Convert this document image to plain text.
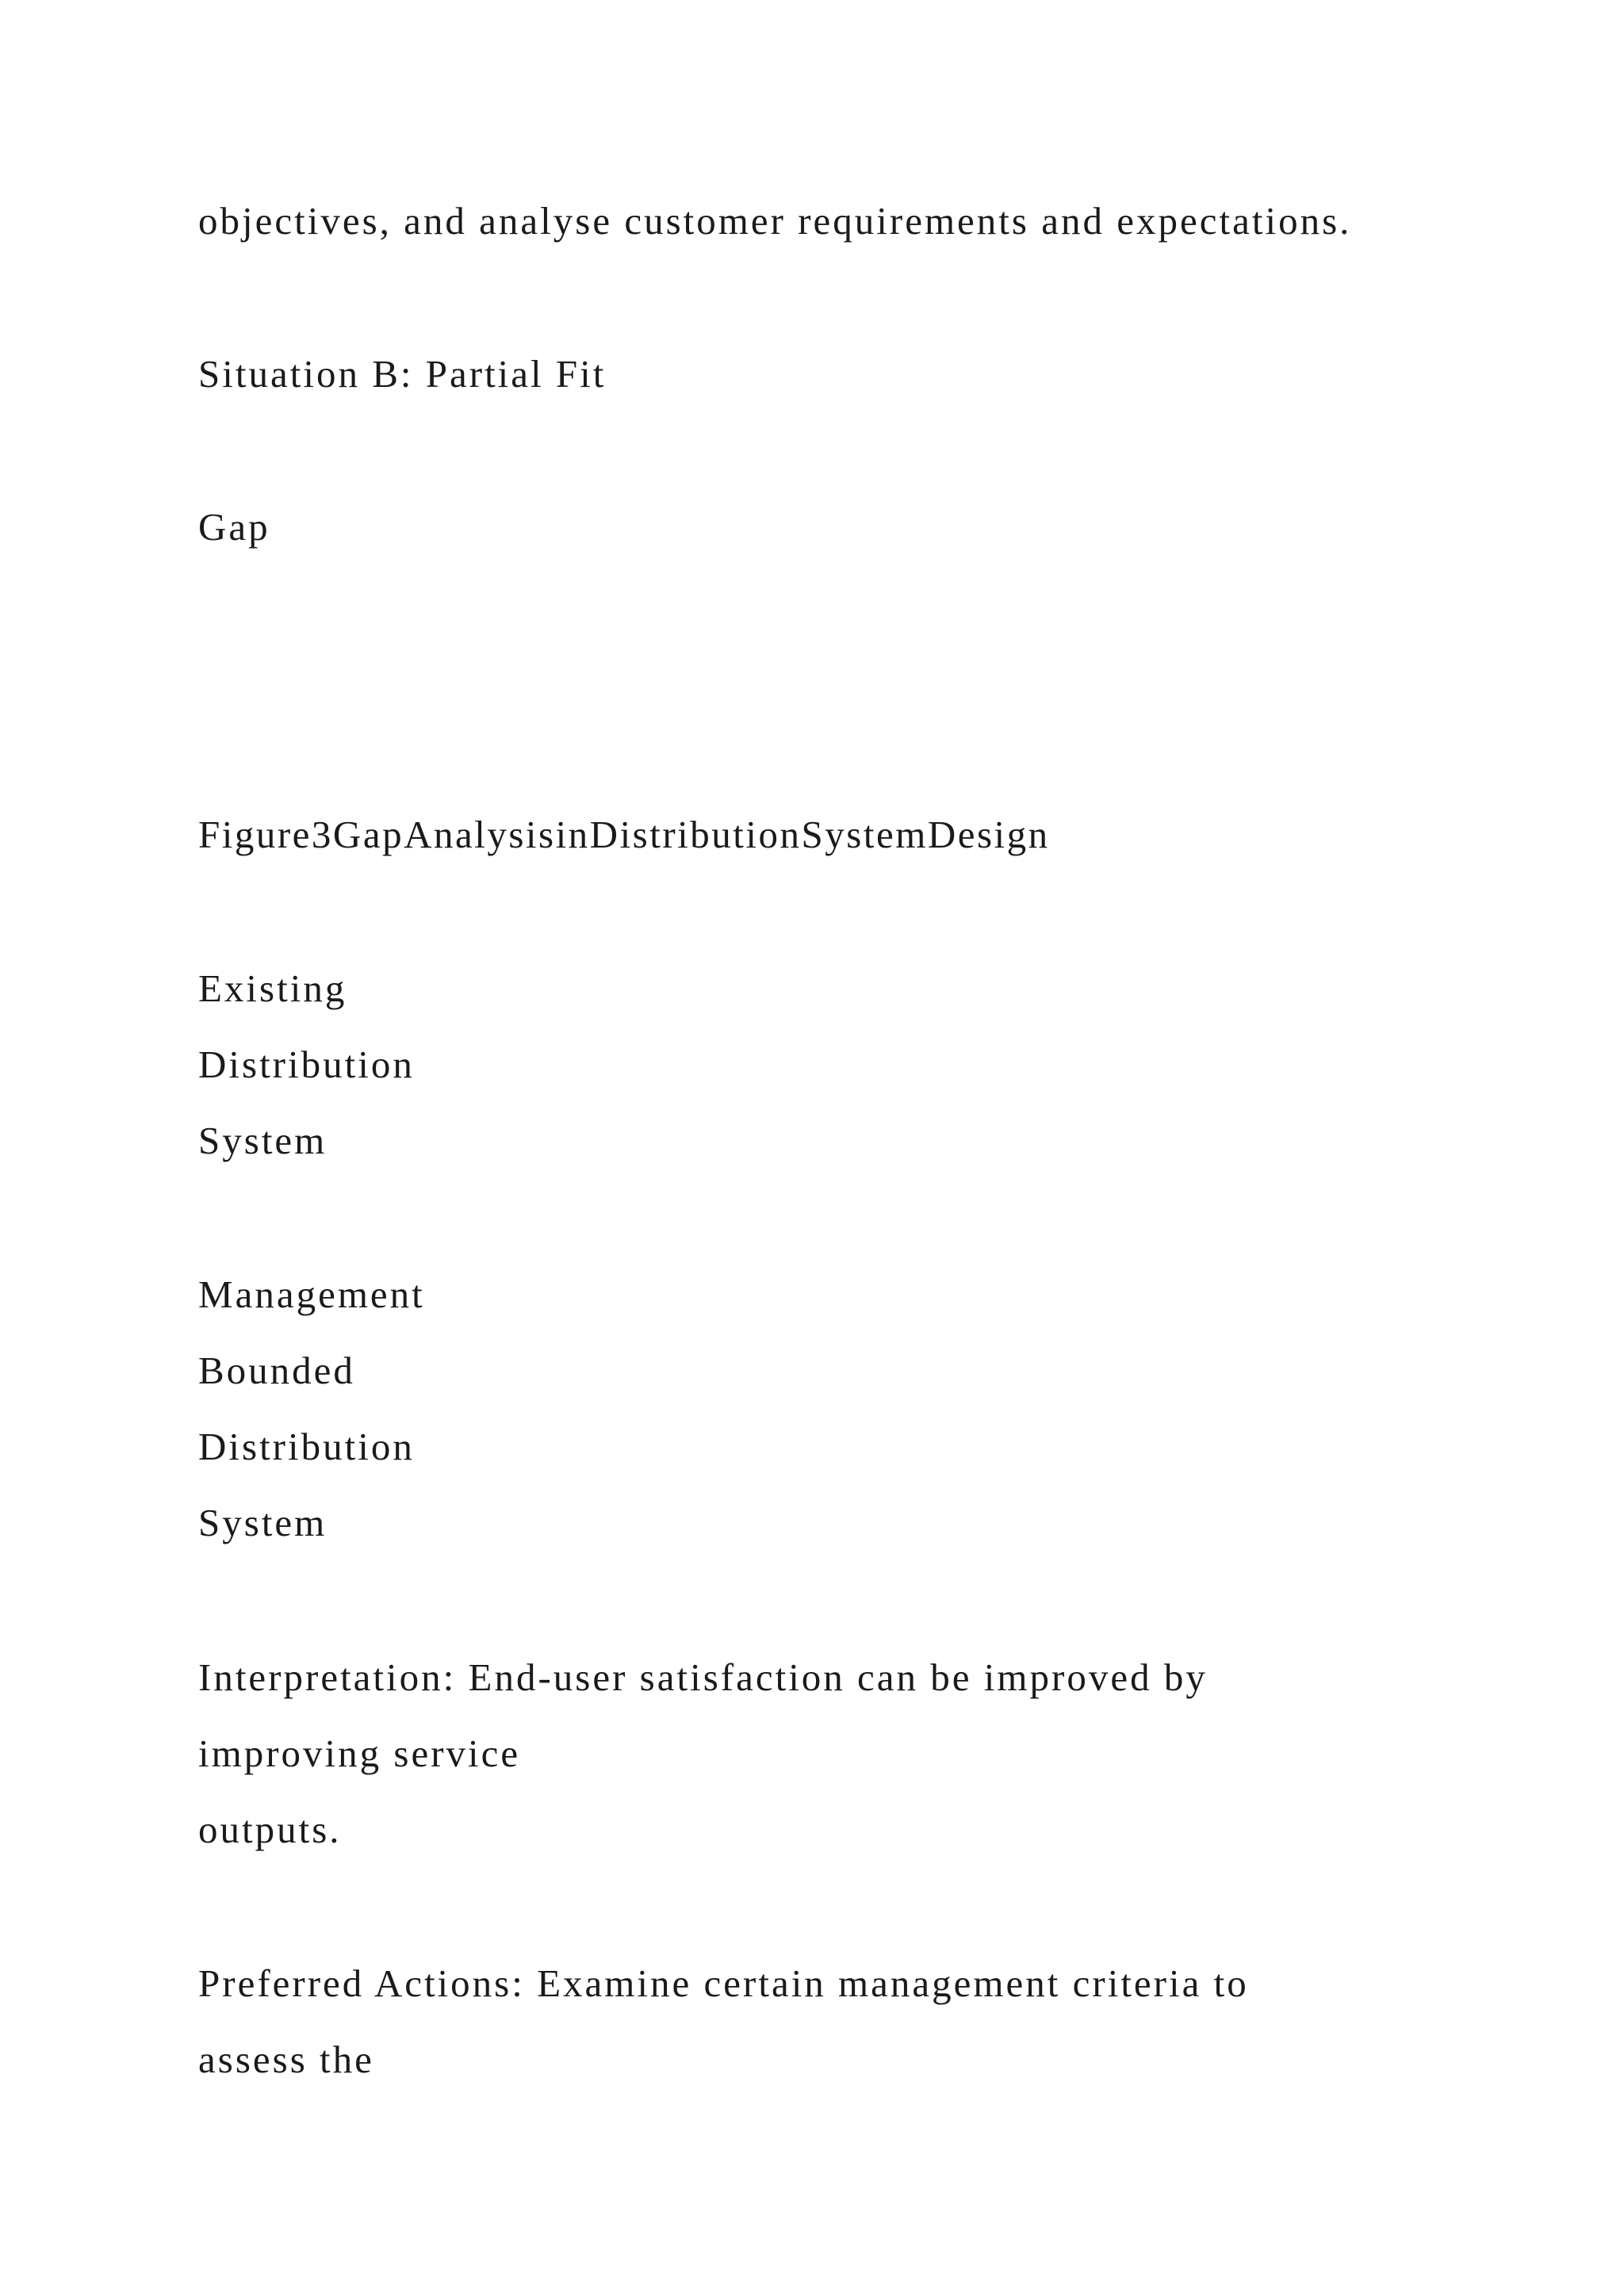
objectives, and analyse customer requirements and expectations.

Situation B: Partial Fit

Gap

Figure3GapAnalysisinDistributionSystemDesign

Existing

Distribution

System

Management

Bounded

Distribution

System

Interpretation: End-user satisfaction can be improved by

improving service

outputs.

Preferred Actions: Examine certain management criteria to

assess the
